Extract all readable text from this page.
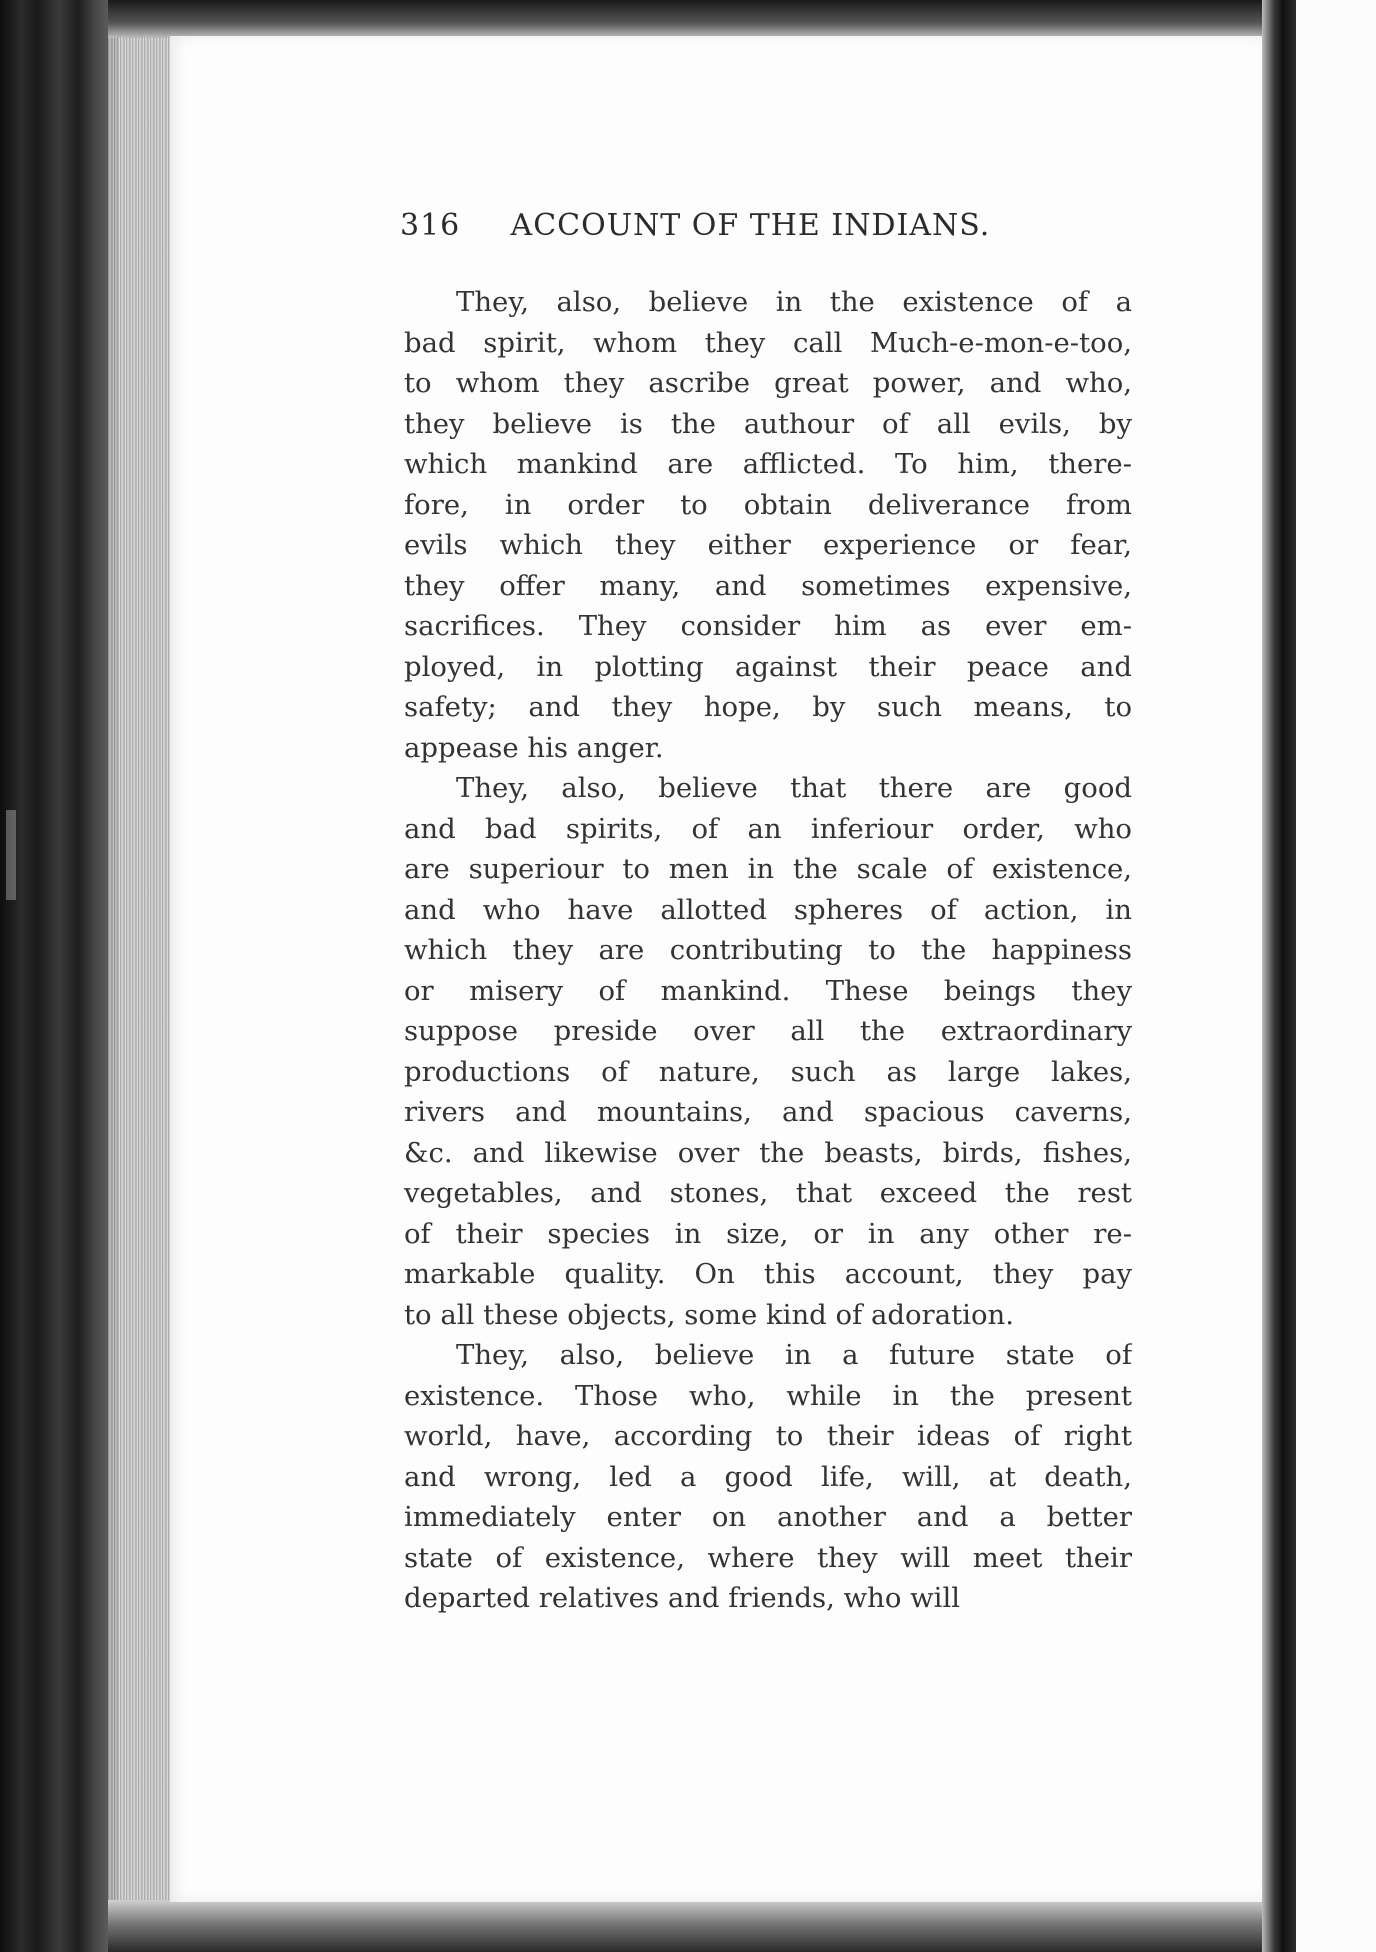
316 ACCOUNT OF THE INDIANS.

They, also, believe in the existence of a
bad spirit, whom they call Much-e-mon-e-too,
to whom they ascribe great power, and who,
they believe is the authour of all evils, by
which mankind are afflicted. To him, there-
fore, in order to obtain deliverance from
evils which they either experience or fear,
they offer many, and sometimes expensive,
sacrifices. They consider him as ever em-
ployed, in plotting against their peace and
safety; and they hope, by such means, to
appease his anger.

They, also, believe that there are good
and bad spirits, of an inferiour order, who
are superiour to men in the scale of existence,
and who have allotted spheres of action, in
which they are contributing to the happiness
or misery of mankind. These beings they
suppose preside over all the extraordinary
productions of nature, such as large lakes,
rivers and mountains, and spacious caverns,
&c. and likewise over the beasts, birds, fishes,
vegetables, and stones, that exceed the rest
of their species in size, or in any other re-
markable quality. On this account, they pay
to all these objects, some kind of adoration.

They, also, believe in a future state of
existence. Those who, while in the present
world, have, according to their ideas of right
and wrong, led a good life, will, at death,
immediately enter on another and a better
state of existence, where they will meet their
departed relatives and friends, who will
